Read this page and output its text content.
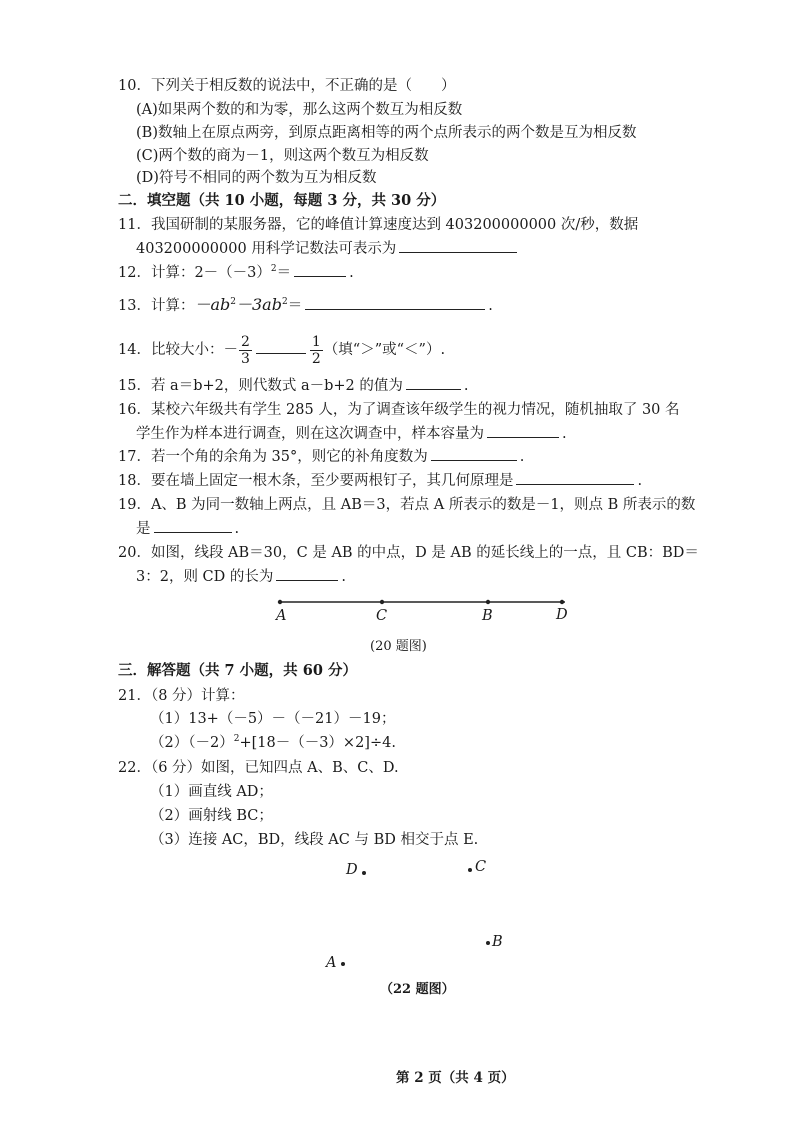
10．下列关于相反数的说法中，不正确的是（　　）
(A)如果两个数的和为零，那么这两个数互为相反数
(B)数轴上在原点两旁，到原点距离相等的两个点所表示的两个数是互为相反数
(C)两个数的商为－1，则这两个数互为相反数
(D)符号不相同的两个数为互为相反数
二．填空题（共 10 小题，每题 3 分，共 30 分）
11．我国研制的某服务器，它的峰值计算速度达到 403200000000 次/秒，数据
403200000000 用科学记数法可表示为
12．计算：$2-(-3)^2=$	.
13．计算：$-ab^2-3ab^2=$	.
14．比较大小：－ $\frac{2}{3}$	$\frac{1}{2}$ （填“＞”或“＜”）.
15．若 a＝b+2，则代数式 a－b+2 的值为	.
16．某校六年级共有学生 285 人，为了调查该年级学生的视力情况，随机抽取了 30 名
学生作为样本进行调查，则在这次调查中，样本容量为	.
17．若一个角的余角为 35°，则它的补角度数为	.
18．要在墙上固定一根木条，至少要两根钉子，其几何原理是	.
19．A、B 为同一数轴上两点，且 AB＝3，若点 A 所表示的数是－1，则点 B 所表示的数
是	.
20．如图，线段 AB＝30，C 是 AB 的中点，D 是 AB 的延长线上的一点，且 CB：BD＝
3：2，则 CD 的长为	.
A	C	B	D
(20 题图)
三．解答题（共 7 小题，共 60 分）
21．（8 分）计算：
（1）13+（－5）－（－21）－19；
$(2)(-2)^2+[18-(-3)\times 2]\div 4$.
22．（6 分）如图，已知四点 A、B、C、D.
（1）画直线 AD；
（2）画射线 BC；
（3）连接 AC，BD，线段 AC 与 BD 相交于点 E.
D	C
B
A
（22 题图）
第 2 页（共 4 页）
